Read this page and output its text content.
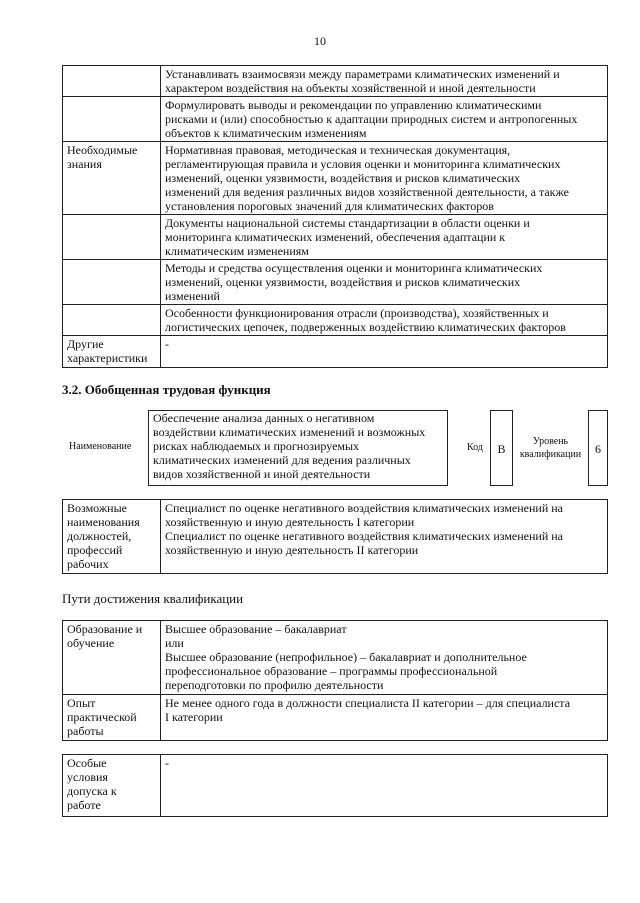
10

	Устанавливать взаимосвязи между параметрами климатических изменений и
характером воздействия на объекты хозяйственной и иной деятельности

	Формулировать выводы и рекомендации по управлению климатическими
рисками и (или) способностью к адаптации природных систем и антропогенных
объектов к климатическим изменениям

Необходимые
знания	Нормативная правовая, методическая и техническая документация,
регламентирующая правила и условия оценки и мониторинга климатических
изменений, оценки уязвимости, воздействия и рисков климатических
изменений для ведения различных видов хозяйственной деятельности, а также
установления пороговых значений для климатических факторов

	Документы национальной системы стандартизации в области оценки и
мониторинга климатических изменений, обеспечения адаптации к
климатическим изменениям

	Методы и средства осуществления оценки и мониторинга климатических
изменений, оценки уязвимости, воздействия и рисков климатических
изменений

	Особенности функционирования отрасли (производства), хозяйственных и
логистических цепочек, подверженных воздействию климатических факторов

Другие
характеристики	-
3.2. Обобщенная трудовая функция
Наименование
Обеспечение анализа данных о негативном
воздействии климатических изменений и возможных
рисках наблюдаемых и прогнозируемых
климатических изменений для ведения различных
видов хозяйственной и иной деятельности
Код	B
Уровень
квалификации	6
Возможные
наименования
должностей,
профессий
рабочих

Специалист по оценке негативного воздействия климатических изменений на
хозяйственную и иную деятельность I категории
Специалист по оценке негативного воздействия климатических изменений на
хозяйственную и иную деятельность II категории
Пути достижения квалификации
Образование и
обучение	Высшее образование – бакалавриат
или
Высшее образование (непрофильное) – бакалавриат и дополнительное
профессиональное образование – программы профессиональной
переподготовки по профилю деятельности

Опыт
практической
работы	Не менее одного года в должности специалиста II категории – для специалиста
I категории
Особые
условия
допуска к
работе
	-
